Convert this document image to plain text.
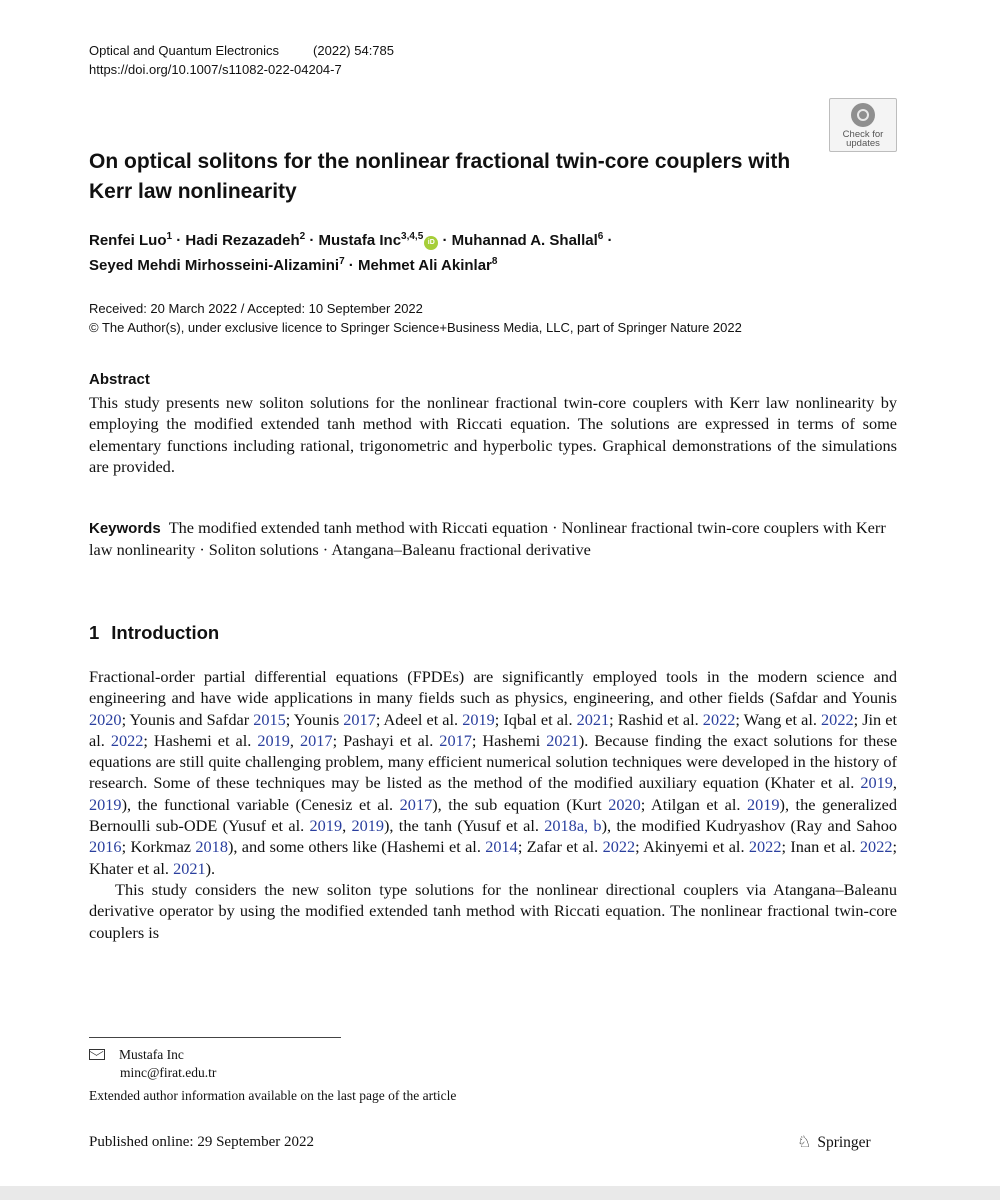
Optical and Quantum Electronics	(2022) 54:785
https://doi.org/10.1007/s11082-022-04204-7
Check for
updates
On optical solitons for the nonlinear fractional twin-core couplers with Kerr law nonlinearity
Renfei Luo$^1$ · Hadi Rezazadeh$^2$ · Mustafa Inc$^{3,4,5}$iD · Muhannad A. Shallal$^6$ ·
Seyed Mehdi Mirhosseini-Alizamini$^7$ · Mehmet Ali Akinlar$^8$
Received: 20 March 2022 / Accepted: 10 September 2022
© The Author(s), under exclusive licence to Springer Science+Business Media, LLC, part of Springer Nature 2022
Abstract
This study presents new soliton solutions for the nonlinear fractional twin-core couplers with Kerr law nonlinearity by employing the modified extended tanh method with Riccati equation. The solutions are expressed in terms of some elementary functions including rational, trigonometric and hyperbolic types. Graphical demonstrations of the simulations are provided.
Keywords The modified extended tanh method with Riccati equation · Nonlinear fractional twin-core couplers with Kerr law nonlinearity · Soliton solutions · Atangana–Baleanu fractional derivative
1 Introduction

Fractional-order partial differential equations (FPDEs) are significantly employed tools in the modern science and engineering and have wide applications in many fields such as physics, engineering, and other fields (Safdar and Younis 2020; Younis and Safdar 2015; Younis 2017; Adeel et al. 2019; Iqbal et al. 2021; Rashid et al. 2022; Wang et al. 2022; Jin et al. 2022; Hashemi et al. 2019, 2017; Pashayi et al. 2017; Hashemi 2021). Because finding the exact solutions for these equations are still quite challenging problem, many efficient numerical solution techniques were developed in the history of research. Some of these techniques may be listed as the method of the modified auxiliary equation (Khater et al. 2019, 2019), the functional variable (Cenesiz et al. 2017), the sub equation (Kurt 2020; Atilgan et al. 2019), the generalized Bernoulli sub-ODE (Yusuf et al. 2019, 2019), the tanh (Yusuf et al. 2018a, b), the modified Kudryashov (Ray and Sahoo 2016; Korkmaz 2018), and some others like (Hashemi et al. 2014; Zafar et al. 2022; Akinyemi et al. 2022; Inan et al. 2022; Khater et al. 2021).

This study considers the new soliton type solutions for the nonlinear directional couplers via Atangana–Baleanu derivative operator by using the modified extended tanh method with Riccati equation. The nonlinear fractional twin-core couplers is

Mustafa Inc
minc@firat.edu.tr
Extended author information available on the last page of the article
Published online: 29 September 2022	♘ Springer
